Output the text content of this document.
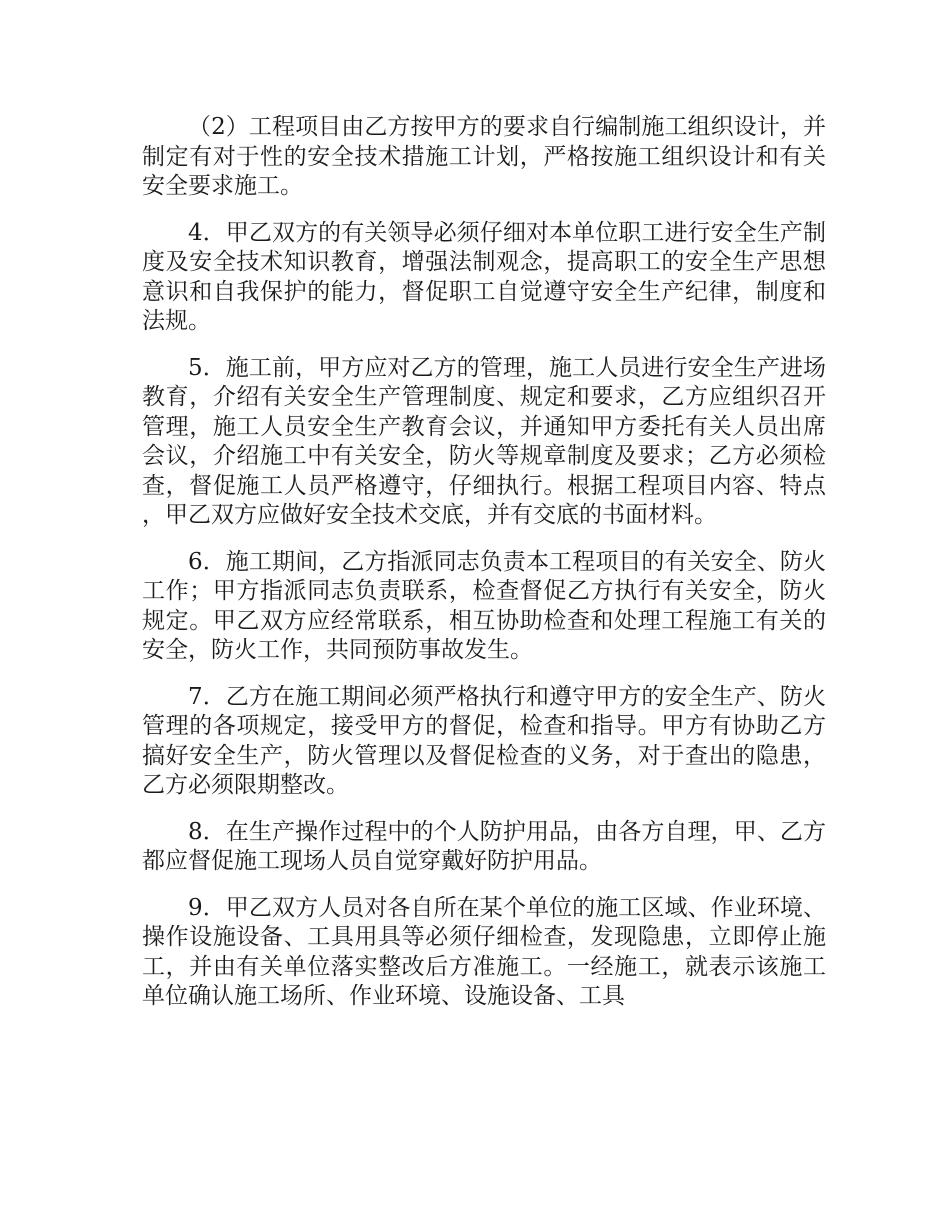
（2）工程项目由乙方按甲方的要求自行编制施工组织设计，并制定有对于性的安全技术措施工计划，严格按施工组织设计和有关安全要求施工。

4．甲乙双方的有关领导必须仔细对本单位职工进行安全生产制度及安全技术知识教育，增强法制观念，提高职工的安全生产思想意识和自我保护的能力，督促职工自觉遵守安全生产纪律，制度和法规。

5．施工前，甲方应对乙方的管理，施工人员进行安全生产进场教育，介绍有关安全生产管理制度、规定和要求，乙方应组织召开管理，施工人员安全生产教育会议，并通知甲方委托有关人员出席会议，介绍施工中有关安全，防火等规章制度及要求；乙方必须检查，督促施工人员严格遵守，仔细执行。根据工程项目内容、特点，甲乙双方应做好安全技术交底，并有交底的书面材料。

6．施工期间，乙方指派同志负责本工程项目的有关安全、防火工作；甲方指派同志负责联系，检查督促乙方执行有关安全，防火规定。甲乙双方应经常联系，相互协助检查和处理工程施工有关的安全，防火工作，共同预防事故发生。

7．乙方在施工期间必须严格执行和遵守甲方的安全生产、防火管理的各项规定，接受甲方的督促，检查和指导。甲方有协助乙方搞好安全生产，防火管理以及督促检查的义务，对于查出的隐患，乙方必须限期整改。

8．在生产操作过程中的个人防护用品，由各方自理，甲、乙方都应督促施工现场人员自觉穿戴好防护用品。

9．甲乙双方人员对各自所在某个单位的施工区域、作业环境、操作设施设备、工具用具等必须仔细检查，发现隐患，立即停止施工，并由有关单位落实整改后方准施工。一经施工，就表示该施工单位确认施工场所、作业环境、设施设备、工具
